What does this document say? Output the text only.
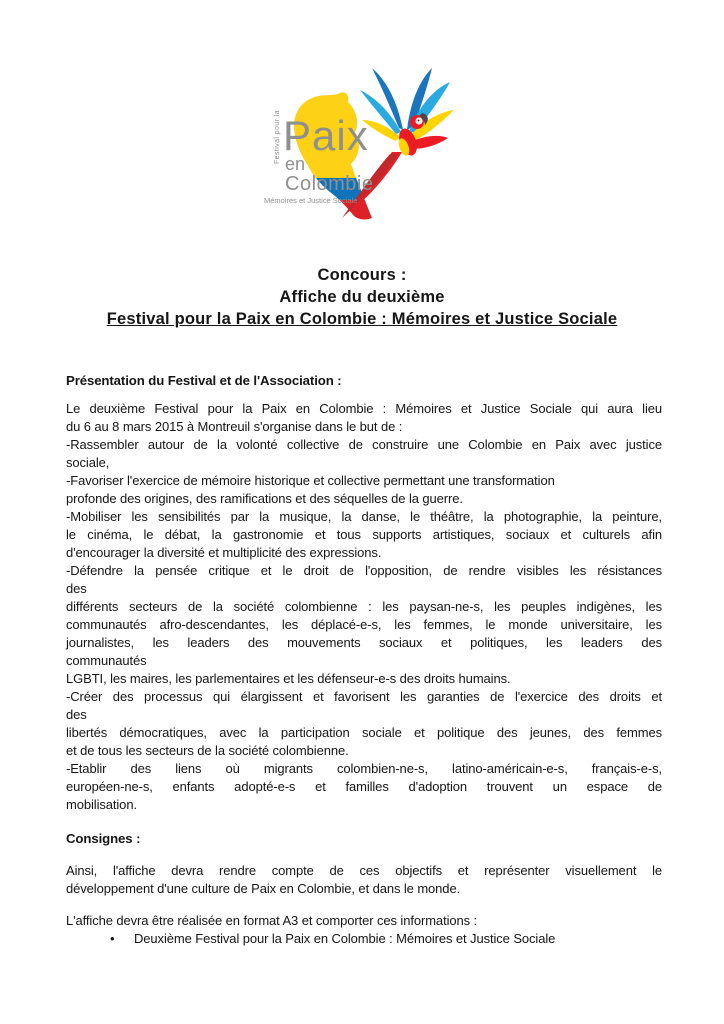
Festival pour la Paix
en
Colombie
Mémoires et Justice Sociale
Concours :
Affiche du deuxième
Festival pour la Paix en Colombie : Mémoires et Justice Sociale

Présentation du Festival et de l'Association :

Le deuxième Festival pour la Paix en Colombie : Mémoires et Justice Sociale qui aura lieu
du 6 au 8 mars 2015 à Montreuil s'organise dans le but de :
-Rassembler autour de la volonté collective de construire une Colombie en Paix avec justice
sociale,
-Favoriser l'exercice de mémoire historique et collective permettant une transformation
profonde des origines, des ramifications et des séquelles de la guerre.
-Mobiliser les sensibilités par la musique, la danse, le théâtre, la photographie, la peinture,
le cinéma, le débat, la gastronomie et tous supports artistiques, sociaux et culturels afin
d'encourager la diversité et multiplicité des expressions.
-Défendre la pensée critique et le droit de l'opposition, de rendre visibles les résistances
des
différents secteurs de la société colombienne : les paysan-ne-s, les peuples indigènes, les
communautés afro-descendantes, les déplacé-e-s, les femmes, le monde universitaire, les
journalistes, les leaders des mouvements sociaux et politiques, les leaders des
communautés
LGBTI, les maires, les parlementaires et les défenseur-e-s des droits humains.
-Créer des processus qui élargissent et favorisent les garanties de l'exercice des droits et
des
libertés démocratiques, avec la participation sociale et politique des jeunes, des femmes
et de tous les secteurs de la société colombienne.
-Etablir des liens où migrants colombien-ne-s, latino-américain-e-s, français-e-s,
européen-ne-s, enfants adopté-e-s et familles d'adoption trouvent un espace de
mobilisation.

Consignes :

Ainsi, l'affiche devra rendre compte de ces objectifs et représenter visuellement le
développement d'une culture de Paix en Colombie, et dans le monde.
L'affiche devra être réalisée en format A3 et comporter ces informations :
• Deuxième Festival pour la Paix en Colombie : Mémoires et Justice Sociale
